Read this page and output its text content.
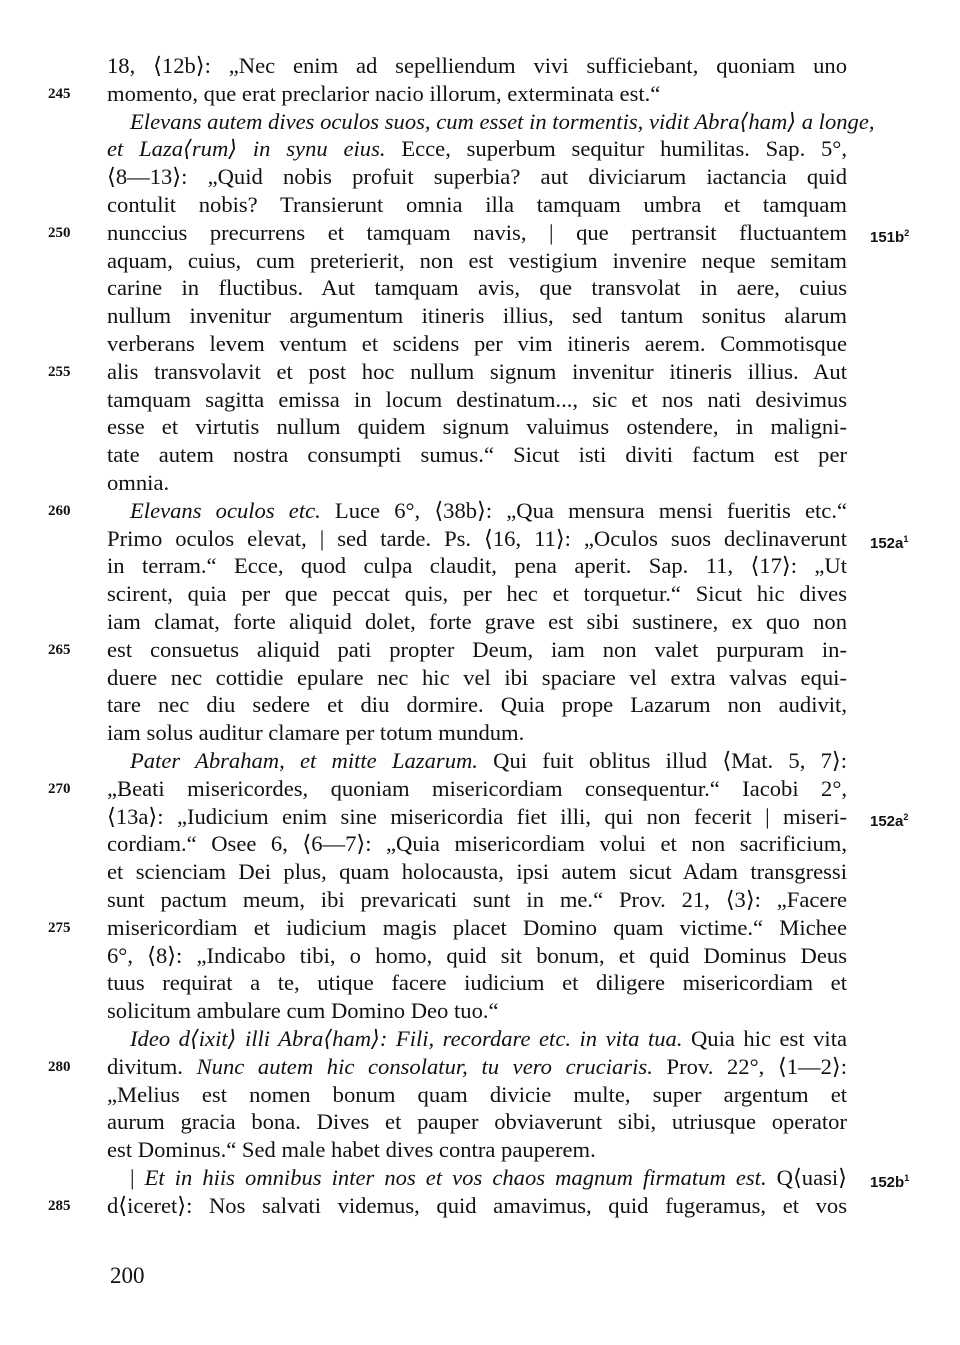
18, ⟨12b⟩: „Nec enim ad sepelliendum vivi sufficiebant, quoniam uno
momento, que erat preclarior nacio illorum, exterminata est.“
Elevans autem dives oculos suos, cum esset in tormentis, vidit Abra⟨ham⟩ a longe,
et Laza⟨rum⟩ in synu eius. Ecce, superbum sequitur humilitas. Sap. 5°,
⟨8—13⟩: „Quid nobis profuit superbia? aut diviciarum iactancia quid
contulit nobis? Transierunt omnia illa tamquam umbra et tamquam
nunccius precurrens et tamquam navis, | que pertransit fluctuantem
aquam, cuius, cum preterierit, non est vestigium invenire neque semitam
carine in fluctibus. Aut tamquam avis, que transvolat in aere, cuius
nullum invenitur argumentum itineris illius, sed tantum sonitus alarum
verberans levem ventum et scidens per vim itineris aerem. Commotisque
alis transvolavit et post hoc nullum signum invenitur itineris illius. Aut
tamquam sagitta emissa in locum destinatum..., sic et nos nati desivimus
esse et virtutis nullum quidem signum valuimus ostendere, in maligni-
tate autem nostra consumpti sumus.“ Sicut isti diviti factum est per
omnia.
Elevans oculos etc. Luce 6°, ⟨38b⟩: „Qua mensura mensi fueritis etc.“
Primo oculos elevat, | sed tarde. Ps. ⟨16, 11⟩: „Oculos suos declinaverunt
in terram.“ Ecce, quod culpa claudit, pena aperit. Sap. 11, ⟨17⟩: „Ut
scirent, quia per que peccat quis, per hec et torquetur.“ Sicut hic dives
iam clamat, forte aliquid dolet, forte grave est sibi sustinere, ex quo non
est consuetus aliquid pati propter Deum, iam non valet purpuram in-
duere nec cottidie epulare nec hic vel ibi spaciare vel extra valvas equi-
tare nec diu sedere et diu dormire. Quia prope Lazarum non audivit,
iam solus auditur clamare per totum mundum.
Pater Abraham, et mitte Lazarum. Qui fuit oblitus illud ⟨Mat. 5, 7⟩:
„Beati misericordes, quoniam misericordiam consequentur.“ Iacobi 2°,
⟨13a⟩: „Iudicium enim sine misericordia fiet illi, qui non fecerit | miseri-
cordiam.“ Osee 6, ⟨6—7⟩: „Quia misericordiam volui et non sacrificium,
et scienciam Dei plus, quam holocausta, ipsi autem sicut Adam transgressi
sunt pactum meum, ibi prevaricati sunt in me.“ Prov. 21, ⟨3⟩: „Facere
misericordiam et iudicium magis placet Domino quam victime.“ Michee
6°, ⟨8⟩: „Indicabo tibi, o homo, quid sit bonum, et quid Dominus Deus
tuus requirat a te, utique facere iudicium et diligere misericordiam et
solicitum ambulare cum Domino Deo tuo.“
Ideo d⟨ixit⟩ illi Abra⟨ham⟩: Fili, recordare etc. in vita tua. Quia hic est vita
divitum. Nunc autem hic consolatur, tu vero cruciaris. Prov. 22°, ⟨1—2⟩:
„Melius est nomen bonum quam divicie multe, super argentum et
aurum gracia bona. Dives et pauper obviaverunt sibi, utriusque operator
est Dominus.“ Sed male habet dives contra pauperem.
| Et in hiis omnibus inter nos et vos chaos magnum firmatum est. Q⟨uasi⟩
d⟨iceret⟩: Nos salvati videmus, quid amavimus, quid fugeramus, et vos
245
250
255
260
265
270
275
280
285
$151b^2$
$152a^1$
$152a^2$
$152b^1$
200
